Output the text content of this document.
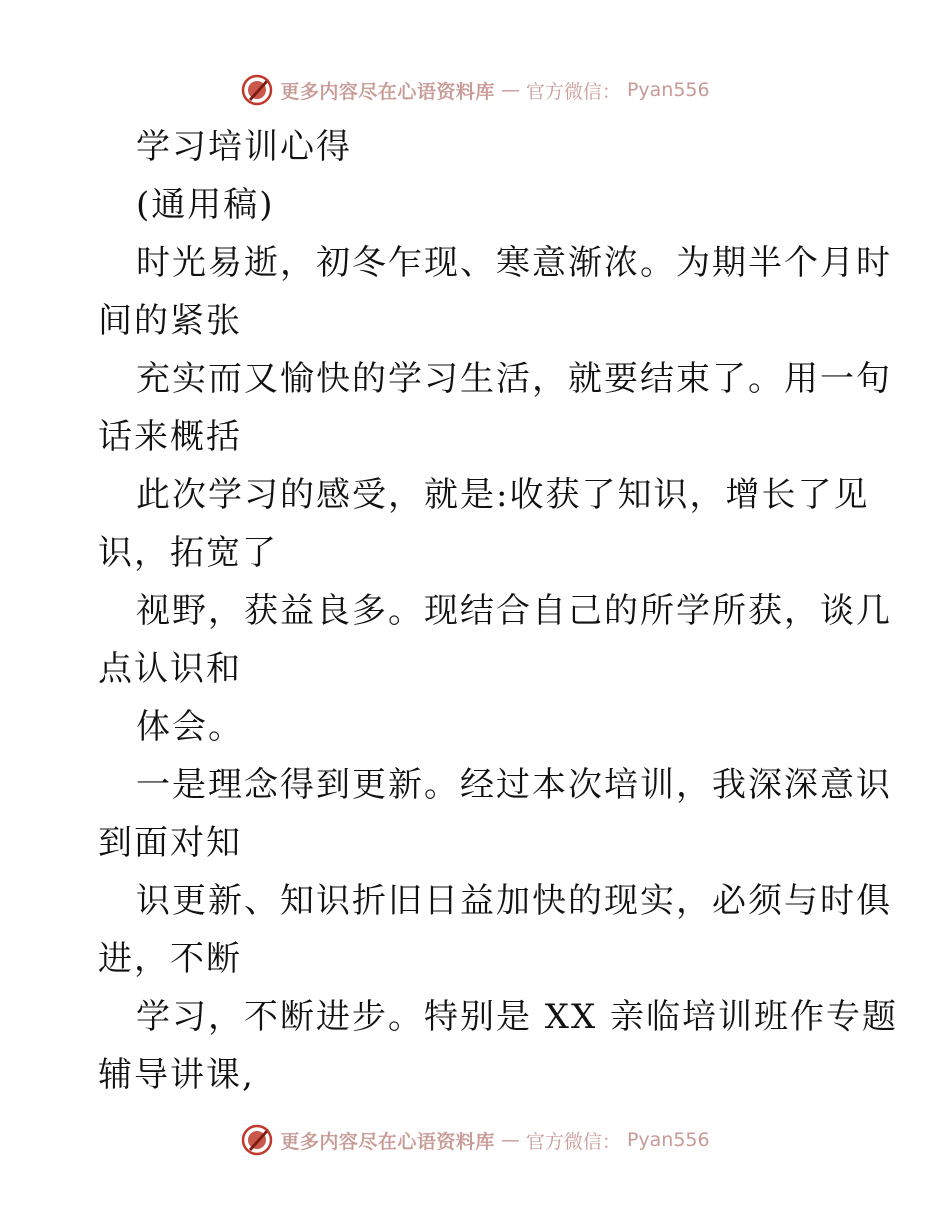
更多内容尽在心语资料库 — 官方微信： Pyan556
学习培训心得
(通用稿)
时光易逝，初冬乍现、寒意渐浓。为期半个月时
间的紧张
充实而又愉快的学习生活，就要结束了。用一句
话来概括
此次学习的感受，就是:收获了知识，增长了见
识，拓宽了
视野，获益良多。现结合自己的所学所获，谈几
点认识和
体会。
一是理念得到更新。经过本次培训，我深深意识
到面对知
识更新、知识折旧日益加快的现实，必须与时俱
进，不断
学习，不断进步。特别是 XX 亲临培训班作专题
辅导讲课,
更多内容尽在心语资料库 — 官方微信： Pyan556
